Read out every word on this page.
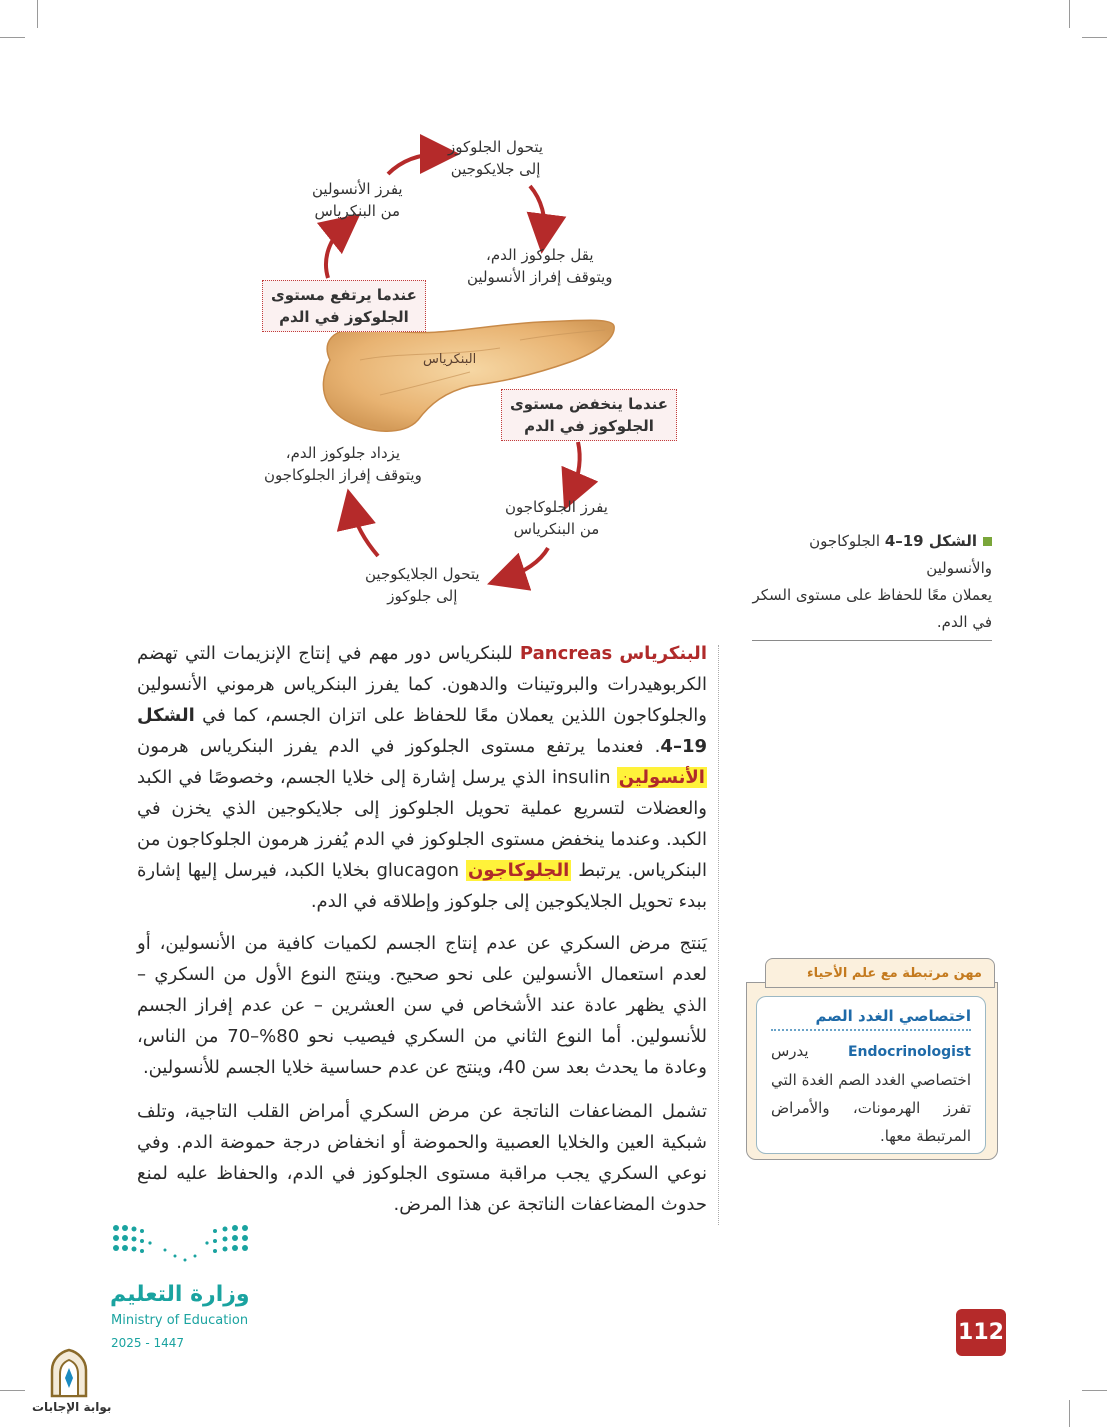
يتحول الجلوكوز
إلى جلايكوجين
يفرز الأنسولين
من البنكرياس
يقل جلوكوز الدم،
ويتوقف إفراز الأنسولين
عندما يرتفع مستوى
الجلوكوز في الدم
البنكرياس
عندما ينخفض مستوى
الجلوكوز في الدم
يزداد جلوكوز الدم،
ويتوقف إفراز الجلوكاجون
يفرز الجلوكاجون
من البنكرياس
يتحول الجلايكوجين
إلى جلوكوز
الشكل 19–4 الجلوكاجون والأنسولين
يعملان معًا للحفاظ على مستوى السكر
في الدم.
البنكرياس Pancreas للبنكرياس دور مهم في إنتاج الإنزيمات التي تهضم الكربوهيدرات والبروتينات والدهون. كما يفرز البنكرياس هرموني الأنسولين والجلوكاجون اللذين يعملان معًا للحفاظ على اتزان الجسم، كما في الشكل 19–4. فعندما يرتفع مستوى الجلوكوز في الدم يفرز البنكرياس هرمون الأنسولين insulin الذي يرسل إشارة إلى خلايا الجسم، وخصوصًا في الكبد والعضلات لتسريع عملية تحويل الجلوكوز إلى جلايكوجين الذي يخزن في الكبد. وعندما ينخفض مستوى الجلوكوز في الدم يُفرز هرمون الجلوكاجون من البنكرياس. يرتبط الجلوكاجون glucagon بخلايا الكبد، فيرسل إليها إشارة ببدء تحويل الجلايكوجين إلى جلوكوز وإطلاقه في الدم.
يَنتج مرض السكري عن عدم إنتاج الجسم لكميات كافية من الأنسولين، أو لعدم استعمال الأنسولين على نحو صحيح. وينتج النوع الأول من السكري – الذي يظهر عادة عند الأشخاص في سن العشرين – عن عدم إفراز الجسم للأنسولين. أما النوع الثاني من السكري فيصيب نحو 80%–70 من الناس، وعادة ما يحدث بعد سن 40، وينتج عن عدم حساسية خلايا الجسم للأنسولين.
تشمل المضاعفات الناتجة عن مرض السكري أمراض القلب التاجية، وتلف شبكية العين والخلايا العصبية والحموضة أو انخفاض درجة حموضة الدم. وفي نوعي السكري يجب مراقبة مستوى الجلوكوز في الدم، والحفاظ عليه لمنع حدوث المضاعفات الناتجة عن هذا المرض.
مهن مرتبطة مع علم الأحياء
اختصاصي الغدد الصم
Endocrinologist يدرس اختصاصي الغدد الصم الغدة التي تفرز الهرمونات، والأمراض المرتبطة معها.
وزارة التعليم
Ministry of Education
2025 - 1447	112
بوابة الإجابات
